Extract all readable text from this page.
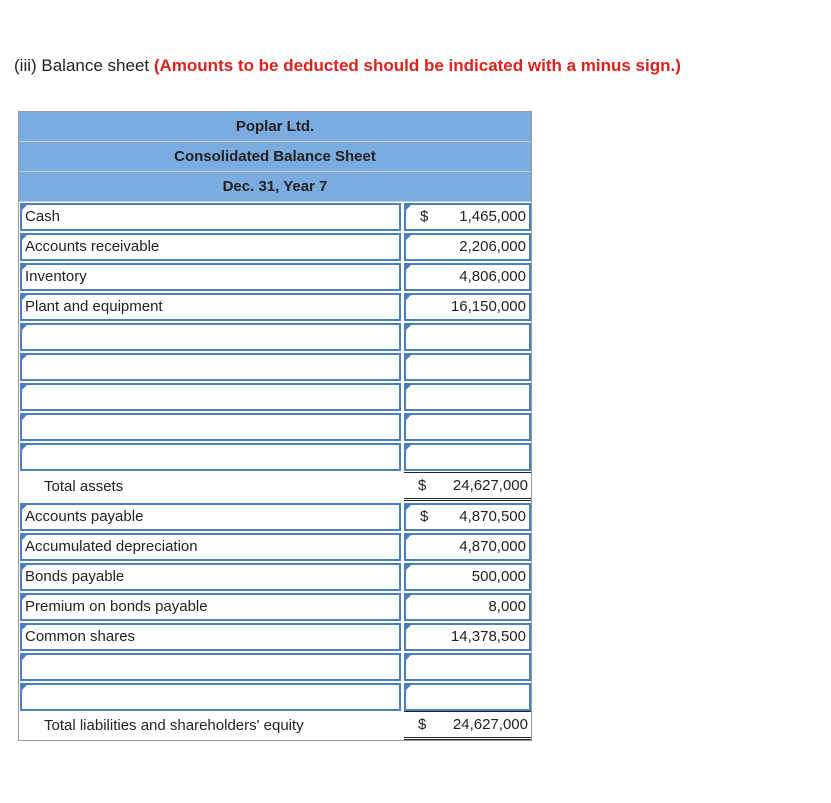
(iii) Balance sheet (Amounts to be deducted should be indicated with a minus sign.)
Poplar Ltd.
Consolidated Balance Sheet
Dec. 31, Year 7
Cash	$ 1,465,000
Accounts receivable	2,206,000
Inventory	4,806,000
Plant and equipment	16,150,000
Total assets	$ 24,627,000
Accounts payable	$ 4,870,500
Accumulated depreciation	4,870,000
Bonds payable	500,000
Premium on bonds payable	8,000
Common shares	14,378,500
Total liabilities and shareholders' equity	$ 24,627,000
